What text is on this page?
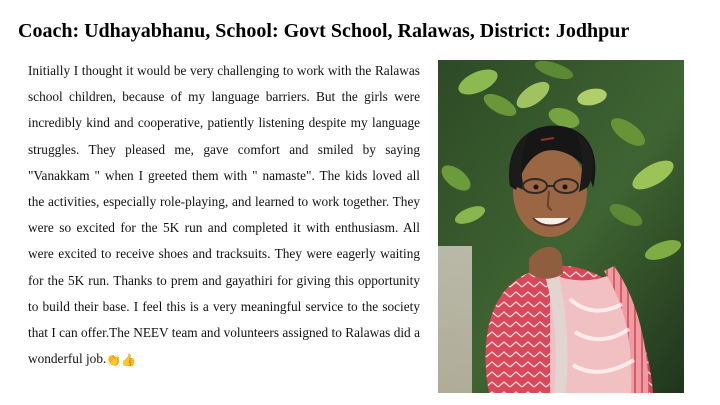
Coach: Udhayabhanu, School: Govt School, Ralawas, District: Jodhpur

Initially I thought it would be very challenging to work with the Ralawas school children, because of my language barriers. But the girls were incredibly kind and cooperative, patiently listening despite my language struggles. They pleased me, gave comfort and smiled by saying "Vanakkam " when I greeted them with " namaste". The kids loved all the activities, especially role-playing, and learned to work together. They were so excited for the 5K run and completed it with enthusiasm. All were excited to receive shoes and tracksuits. They were eagerly waiting for the 5K run. Thanks to prem and gayathiri for giving this opportunity to build their base. I feel this is a very meaningful service to the society that I can offer.The NEEV team and volunteers assigned to Ralawas did a wonderful job.👏👍
